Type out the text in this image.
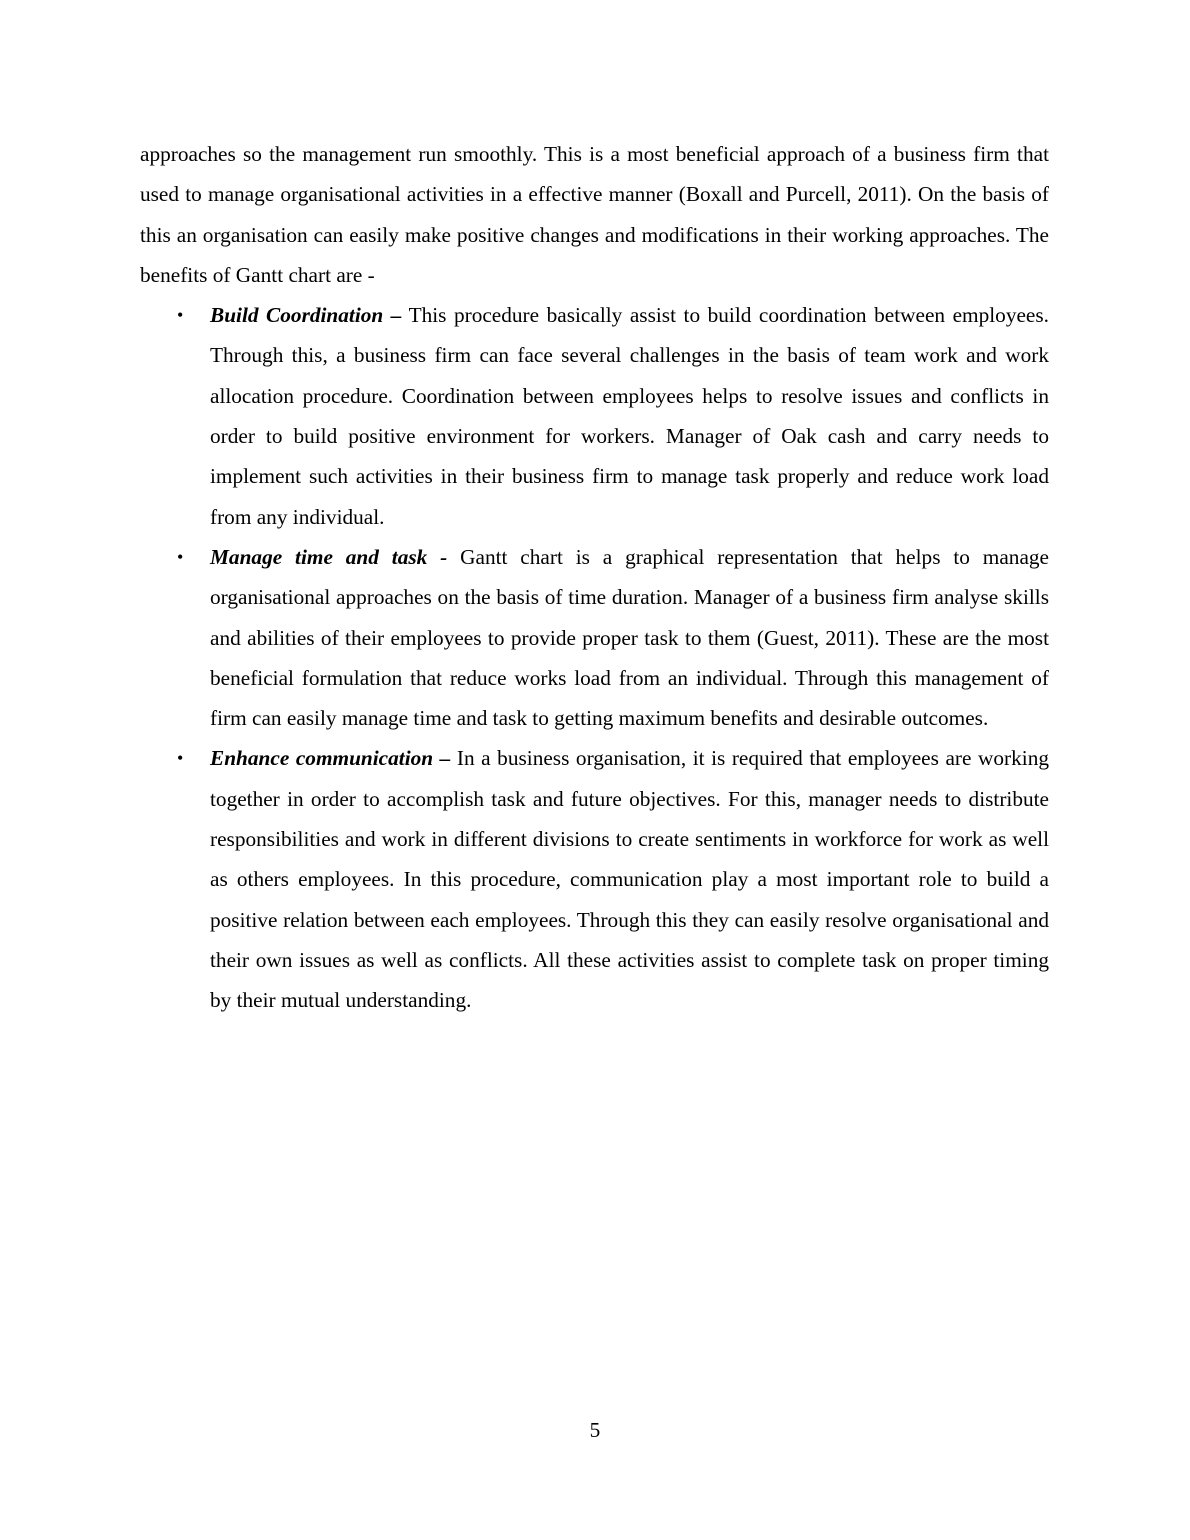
approaches so the management run smoothly. This is a most beneficial approach of a business firm that used to manage organisational activities in a effective manner (Boxall and Purcell, 2011). On the basis of this an organisation can easily make positive changes and modifications in their working approaches. The benefits of Gantt chart are -

• Build Coordination – This procedure basically assist to build coordination between employees. Through this, a business firm can face several challenges in the basis of team work and work allocation procedure. Coordination between employees helps to resolve issues and conflicts in order to build positive environment for workers. Manager of Oak cash and carry needs to implement such activities in their business firm to manage task properly and reduce work load from any individual.
• Manage time and task - Gantt chart is a graphical representation that helps to manage organisational approaches on the basis of time duration. Manager of a business firm analyse skills and abilities of their employees to provide proper task to them (Guest, 2011). These are the most beneficial formulation that reduce works load from an individual. Through this management of firm can easily manage time and task to getting maximum benefits and desirable outcomes.
• Enhance communication – In a business organisation, it is required that employees are working together in order to accomplish task and future objectives. For this, manager needs to distribute responsibilities and work in different divisions to create sentiments in workforce for work as well as others employees. In this procedure, communication play a most important role to build a positive relation between each employees. Through this they can easily resolve organisational and their own issues as well as conflicts. All these activities assist to complete task on proper timing by their mutual understanding.
5
